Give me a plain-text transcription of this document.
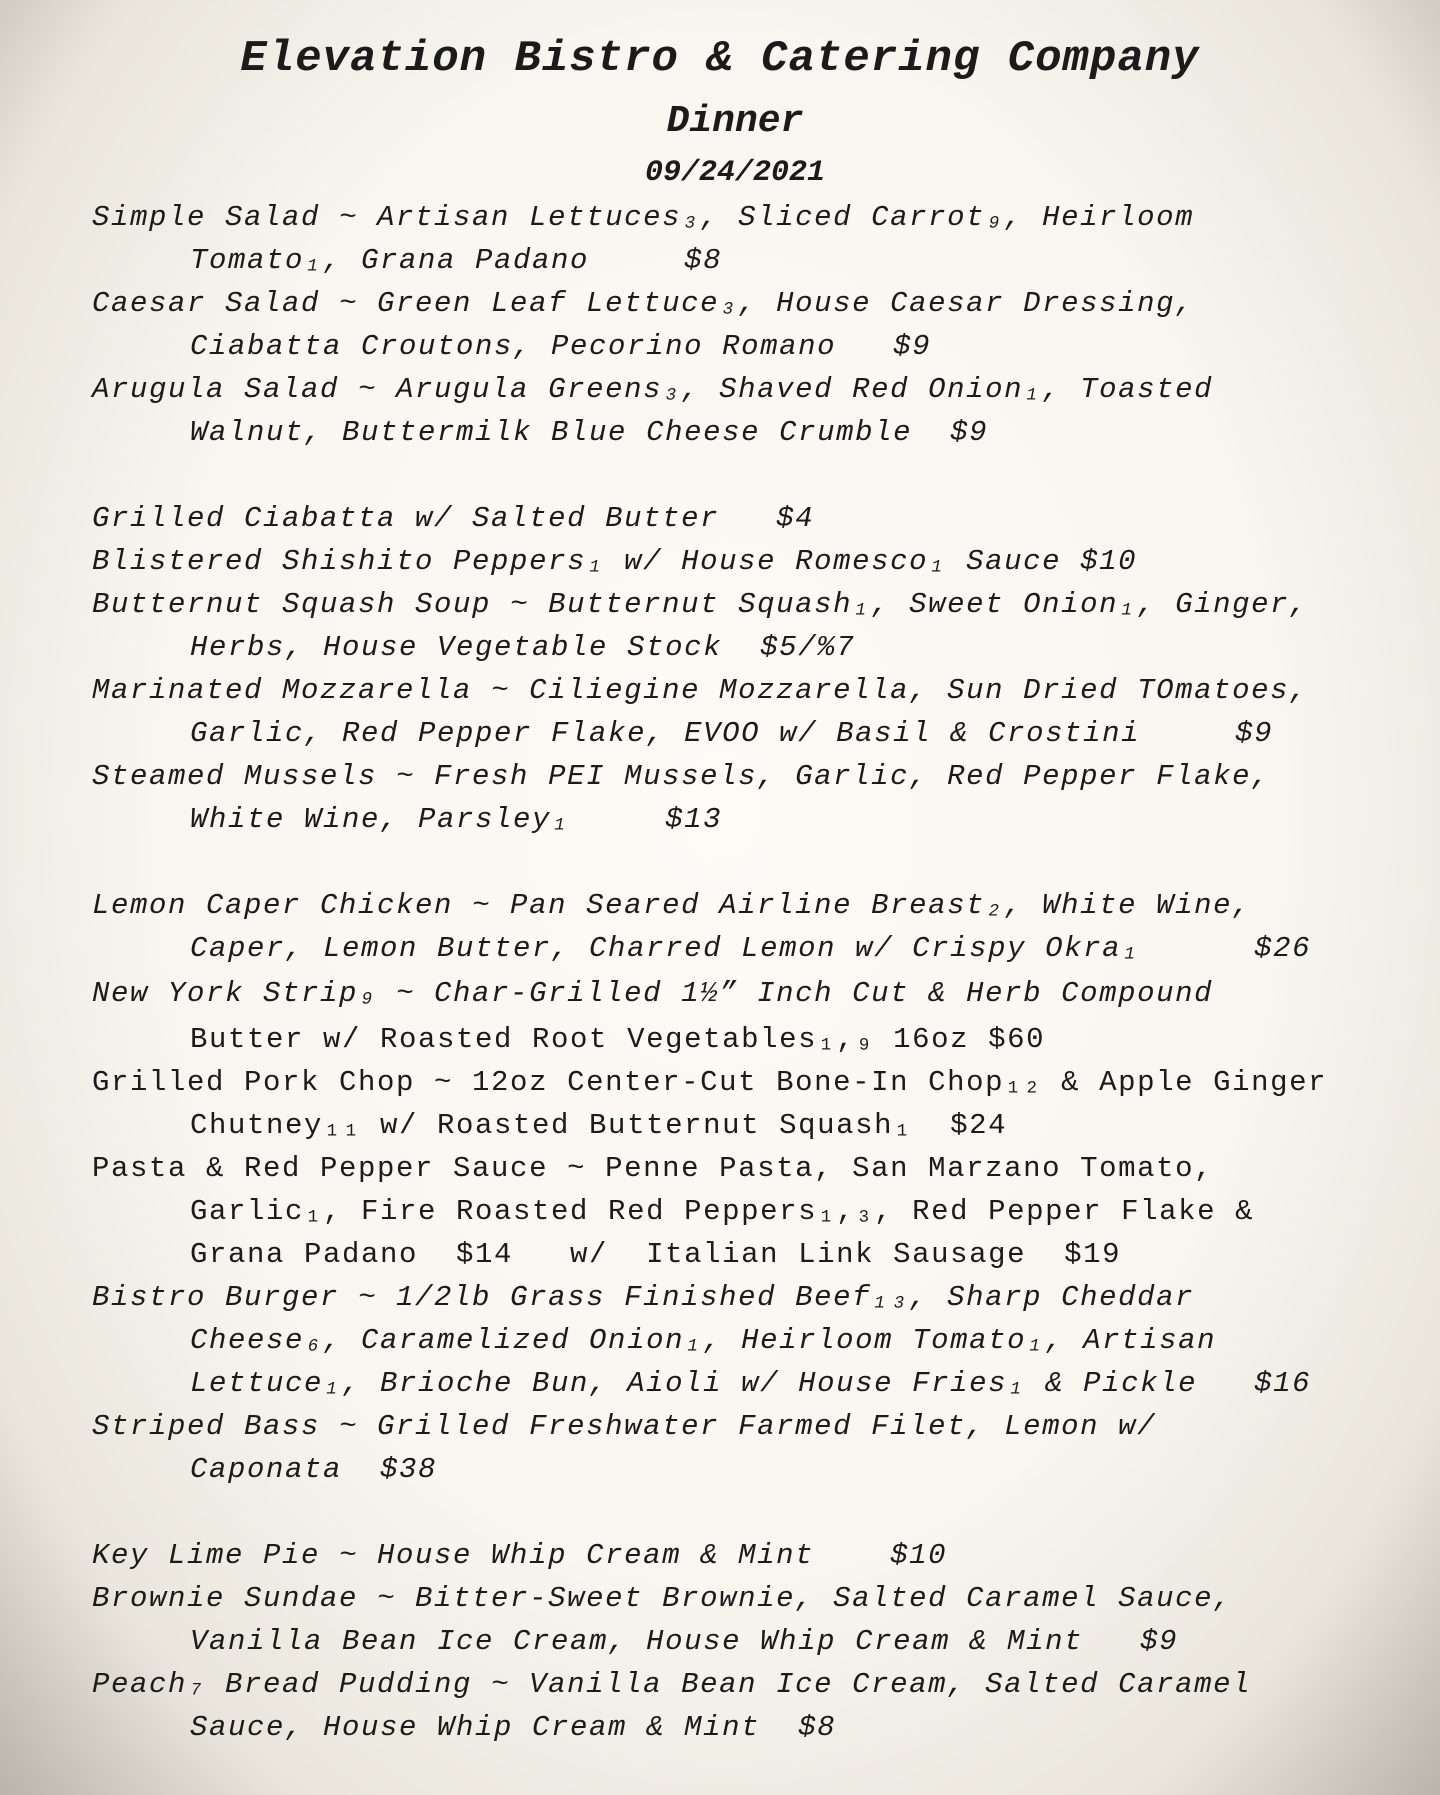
Elevation Bistro & Catering Company
Dinner
09/24/2021
Simple Salad ~ Artisan Lettuces₃, Sliced Carrot₉, Heirloom
Tomato₁, Grana Padano     $8
Caesar Salad ~ Green Leaf Lettuce₃, House Caesar Dressing,
Ciabatta Croutons, Pecorino Romano   $9
Arugula Salad ~ Arugula Greens₃, Shaved Red Onion₁, Toasted
Walnut, Buttermilk Blue Cheese Crumble  $9
Grilled Ciabatta w/ Salted Butter   $4
Blistered Shishito Peppers₁ w/ House Romesco₁ Sauce $10
Butternut Squash Soup ~ Butternut Squash₁, Sweet Onion₁, Ginger,
Herbs, House Vegetable Stock  $5/%7
Marinated Mozzarella ~ Ciliegine Mozzarella, Sun Dried TOmatoes,
Garlic, Red Pepper Flake, EVOO w/ Basil & Crostini     $9
Steamed Mussels ~ Fresh PEI Mussels, Garlic, Red Pepper Flake,
White Wine, Parsley₁     $13
Lemon Caper Chicken ~ Pan Seared Airline Breast₂, White Wine,
Caper, Lemon Butter, Charred Lemon w/ Crispy Okra₁      $26
New York Strip₉ ~ Char-Grilled 1½” Inch Cut & Herb Compound
Butter w/ Roasted Root Vegetables₁,₉ 16oz $60
Grilled Pork Chop ~ 12oz Center-Cut Bone-In Chop₁₂ & Apple Ginger
Chutney₁₁ w/ Roasted Butternut Squash₁  $24
Pasta & Red Pepper Sauce ~ Penne Pasta, San Marzano Tomato,
Garlic₁, Fire Roasted Red Peppers₁,₃, Red Pepper Flake &
Grana Padano  $14   w/  Italian Link Sausage  $19
Bistro Burger ~ 1/2lb Grass Finished Beef₁₃, Sharp Cheddar
Cheese₆, Caramelized Onion₁, Heirloom Tomato₁, Artisan
Lettuce₁, Brioche Bun, Aioli w/ House Fries₁ & Pickle   $16
Striped Bass ~ Grilled Freshwater Farmed Filet, Lemon w/
Caponata  $38
Key Lime Pie ~ House Whip Cream & Mint    $10
Brownie Sundae ~ Bitter-Sweet Brownie, Salted Caramel Sauce,
Vanilla Bean Ice Cream, House Whip Cream & Mint   $9
Peach₇ Bread Pudding ~ Vanilla Bean Ice Cream, Salted Caramel
Sauce, House Whip Cream & Mint  $8
